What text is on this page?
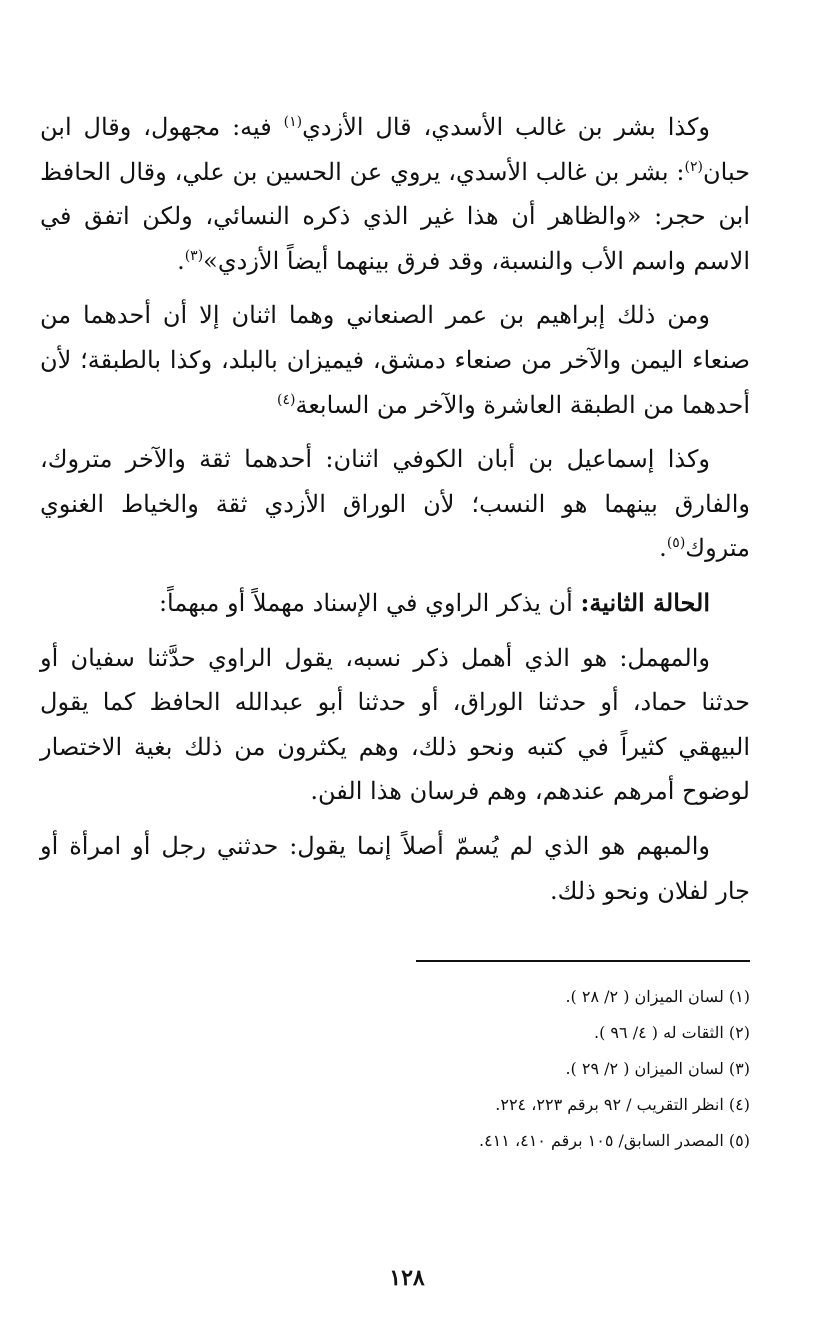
وكذا بشر بن غالب الأسدي، قال الأزدي$^{(١)}$ فيه: مجهول، وقال ابن حبان$^{(٢)}$: بشر بن غالب الأسدي، يروي عن الحسين بن علي، وقال الحافظ ابن حجر: «والظاهر أن هذا غير الذي ذكره النسائي، ولكن اتفق في الاسم واسم الأب والنسبة، وقد فرق بينهما أيضاً الأزدي»$^{(٣)}$.

ومن ذلك إبراهيم بن عمر الصنعاني وهما اثنان إلا أن أحدهما من صنعاء اليمن والآخر من صنعاء دمشق، فيميزان بالبلد، وكذا بالطبقة؛ لأن أحدهما من الطبقة العاشرة والآخر من السابعة$^{(٤)}$

وكذا إسماعيل بن أبان الكوفي اثنان: أحدهما ثقة والآخر متروك، والفارق بينهما هو النسب؛ لأن الوراق الأزدي ثقة والخياط الغنوي متروك$^{(٥)}$.

الحالة الثانية: أن يذكر الراوي في الإسناد مهملاً أو مبهماً:

والمهمل: هو الذي أهمل ذكر نسبه، يقول الراوي حدَّثنا سفيان أو حدثنا حماد، أو حدثنا الوراق، أو حدثنا أبو عبدالله الحافظ كما يقول البيهقي كثيراً في كتبه ونحو ذلك، وهم يكثرون من ذلك بغية الاختصار لوضوح أمرهم عندهم، وهم فرسان هذا الفن.

والمبهم هو الذي لم يُسمّ أصلاً إنما يقول: حدثني رجل أو امرأة أو جار لفلان ونحو ذلك.

(١) لسان الميزان ( ٢/ ٢٨ ).
(٢) الثقات له ( ٤/ ٩٦ ).
(٣) لسان الميزان ( ٢/ ٢٩ ).
(٤) انظر التقريب / ٩٢ برقم ٢٢٣، ٢٢٤.
(٥) المصدر السابق/ ١٠٥ برقم ٤١٠، ٤١١.
١٢٨
